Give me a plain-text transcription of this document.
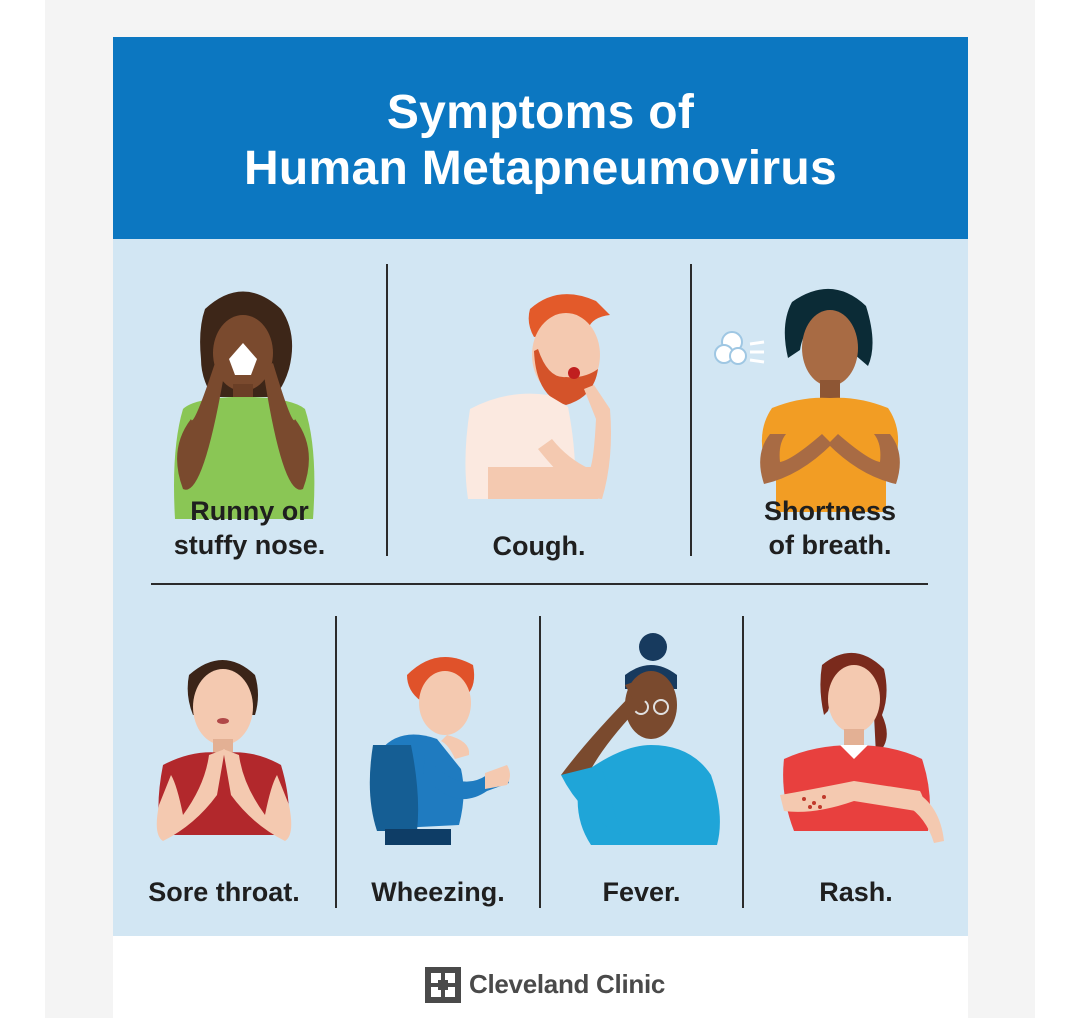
Symptoms of
Human Metapneumovirus
Runny or
stuffy nose.	Cough.
Shortness
of breath.
Sore throat.	Wheezing.	Fever.	Rash.
Cleveland Clinic
